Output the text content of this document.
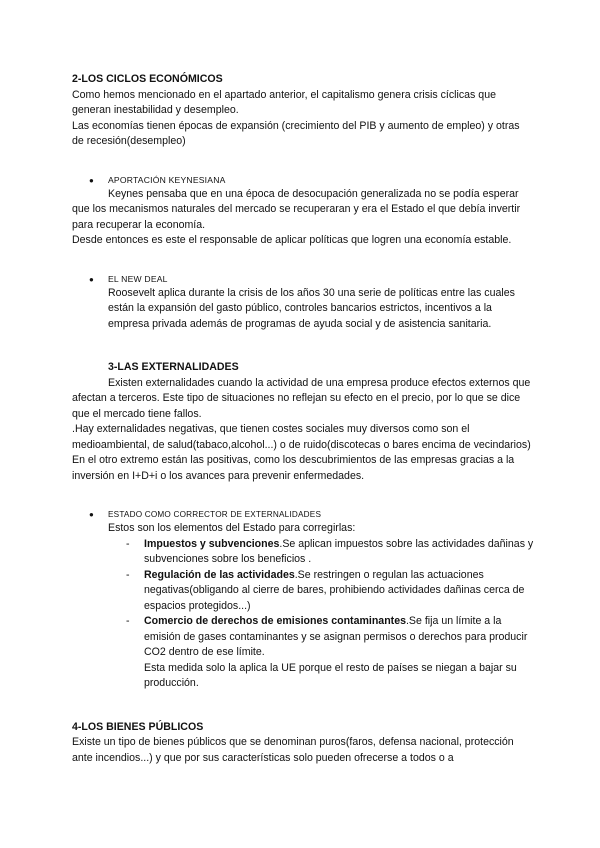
2-LOS CICLOS ECONÓMICOS

Como hemos mencionado en el apartado anterior, el capitalismo genera crisis cíclicas que generan inestabilidad y desempleo.

Las economías tienen épocas de expansión (crecimiento del PIB y aumento de empleo) y otras de recesión(desempleo)

● APORTACIÓN KEYNESIANA

Keynes pensaba que en una época de desocupación generalizada no se podía esperar que los mecanismos naturales del mercado se recuperaran y era el Estado el que debía invertir para recuperar la economía.

Desde entonces es este el responsable de aplicar políticas que logren una economía estable.

● EL NEW DEAL

Roosevelt aplica durante la crisis de los años 30 una serie de políticas entre las cuales están la expansión del gasto público, controles bancarios estrictos, incentivos a la empresa privada además de programas de ayuda social y de asistencia sanitaria.

3-LAS EXTERNALIDADES

Existen externalidades cuando la actividad de una empresa produce efectos externos que afectan a terceros. Este tipo de situaciones no reflejan su efecto en el precio, por lo que se dice que el mercado tiene fallos.

.Hay externalidades negativas, que tienen costes sociales muy diversos como son el medioambiental, de salud(tabaco,alcohol...) o de ruido(discotecas o bares encima de vecindarios)

En el otro extremo están las positivas, como los descubrimientos de las empresas gracias a la inversión en I+D+i o los avances para prevenir enfermedades.

● ESTADO COMO CORRECTOR DE EXTERNALIDADES

Estos son los elementos del Estado para corregirlas:

- Impuestos y subvenciones.Se aplican impuestos sobre las actividades dañinas y subvenciones sobre los beneficios .
- Regulación de las actividades.Se restringen o regulan las actuaciones negativas(obligando al cierre de bares, prohibiendo actividades dañinas cerca de espacios protegidos...)
- Comercio de derechos de emisiones contaminantes.Se fija un límite a la emisión de gases contaminantes y se asignan permisos o derechos para producir CO2 dentro de ese límite.

Esta medida solo la aplica la UE porque el resto de países se niegan a bajar su producción.

4-LOS BIENES PÚBLICOS

Existe un tipo de bienes públicos que se denominan puros(faros, defensa nacional, protección ante incendios...) y que por sus características solo pueden ofrecerse a todos o a
